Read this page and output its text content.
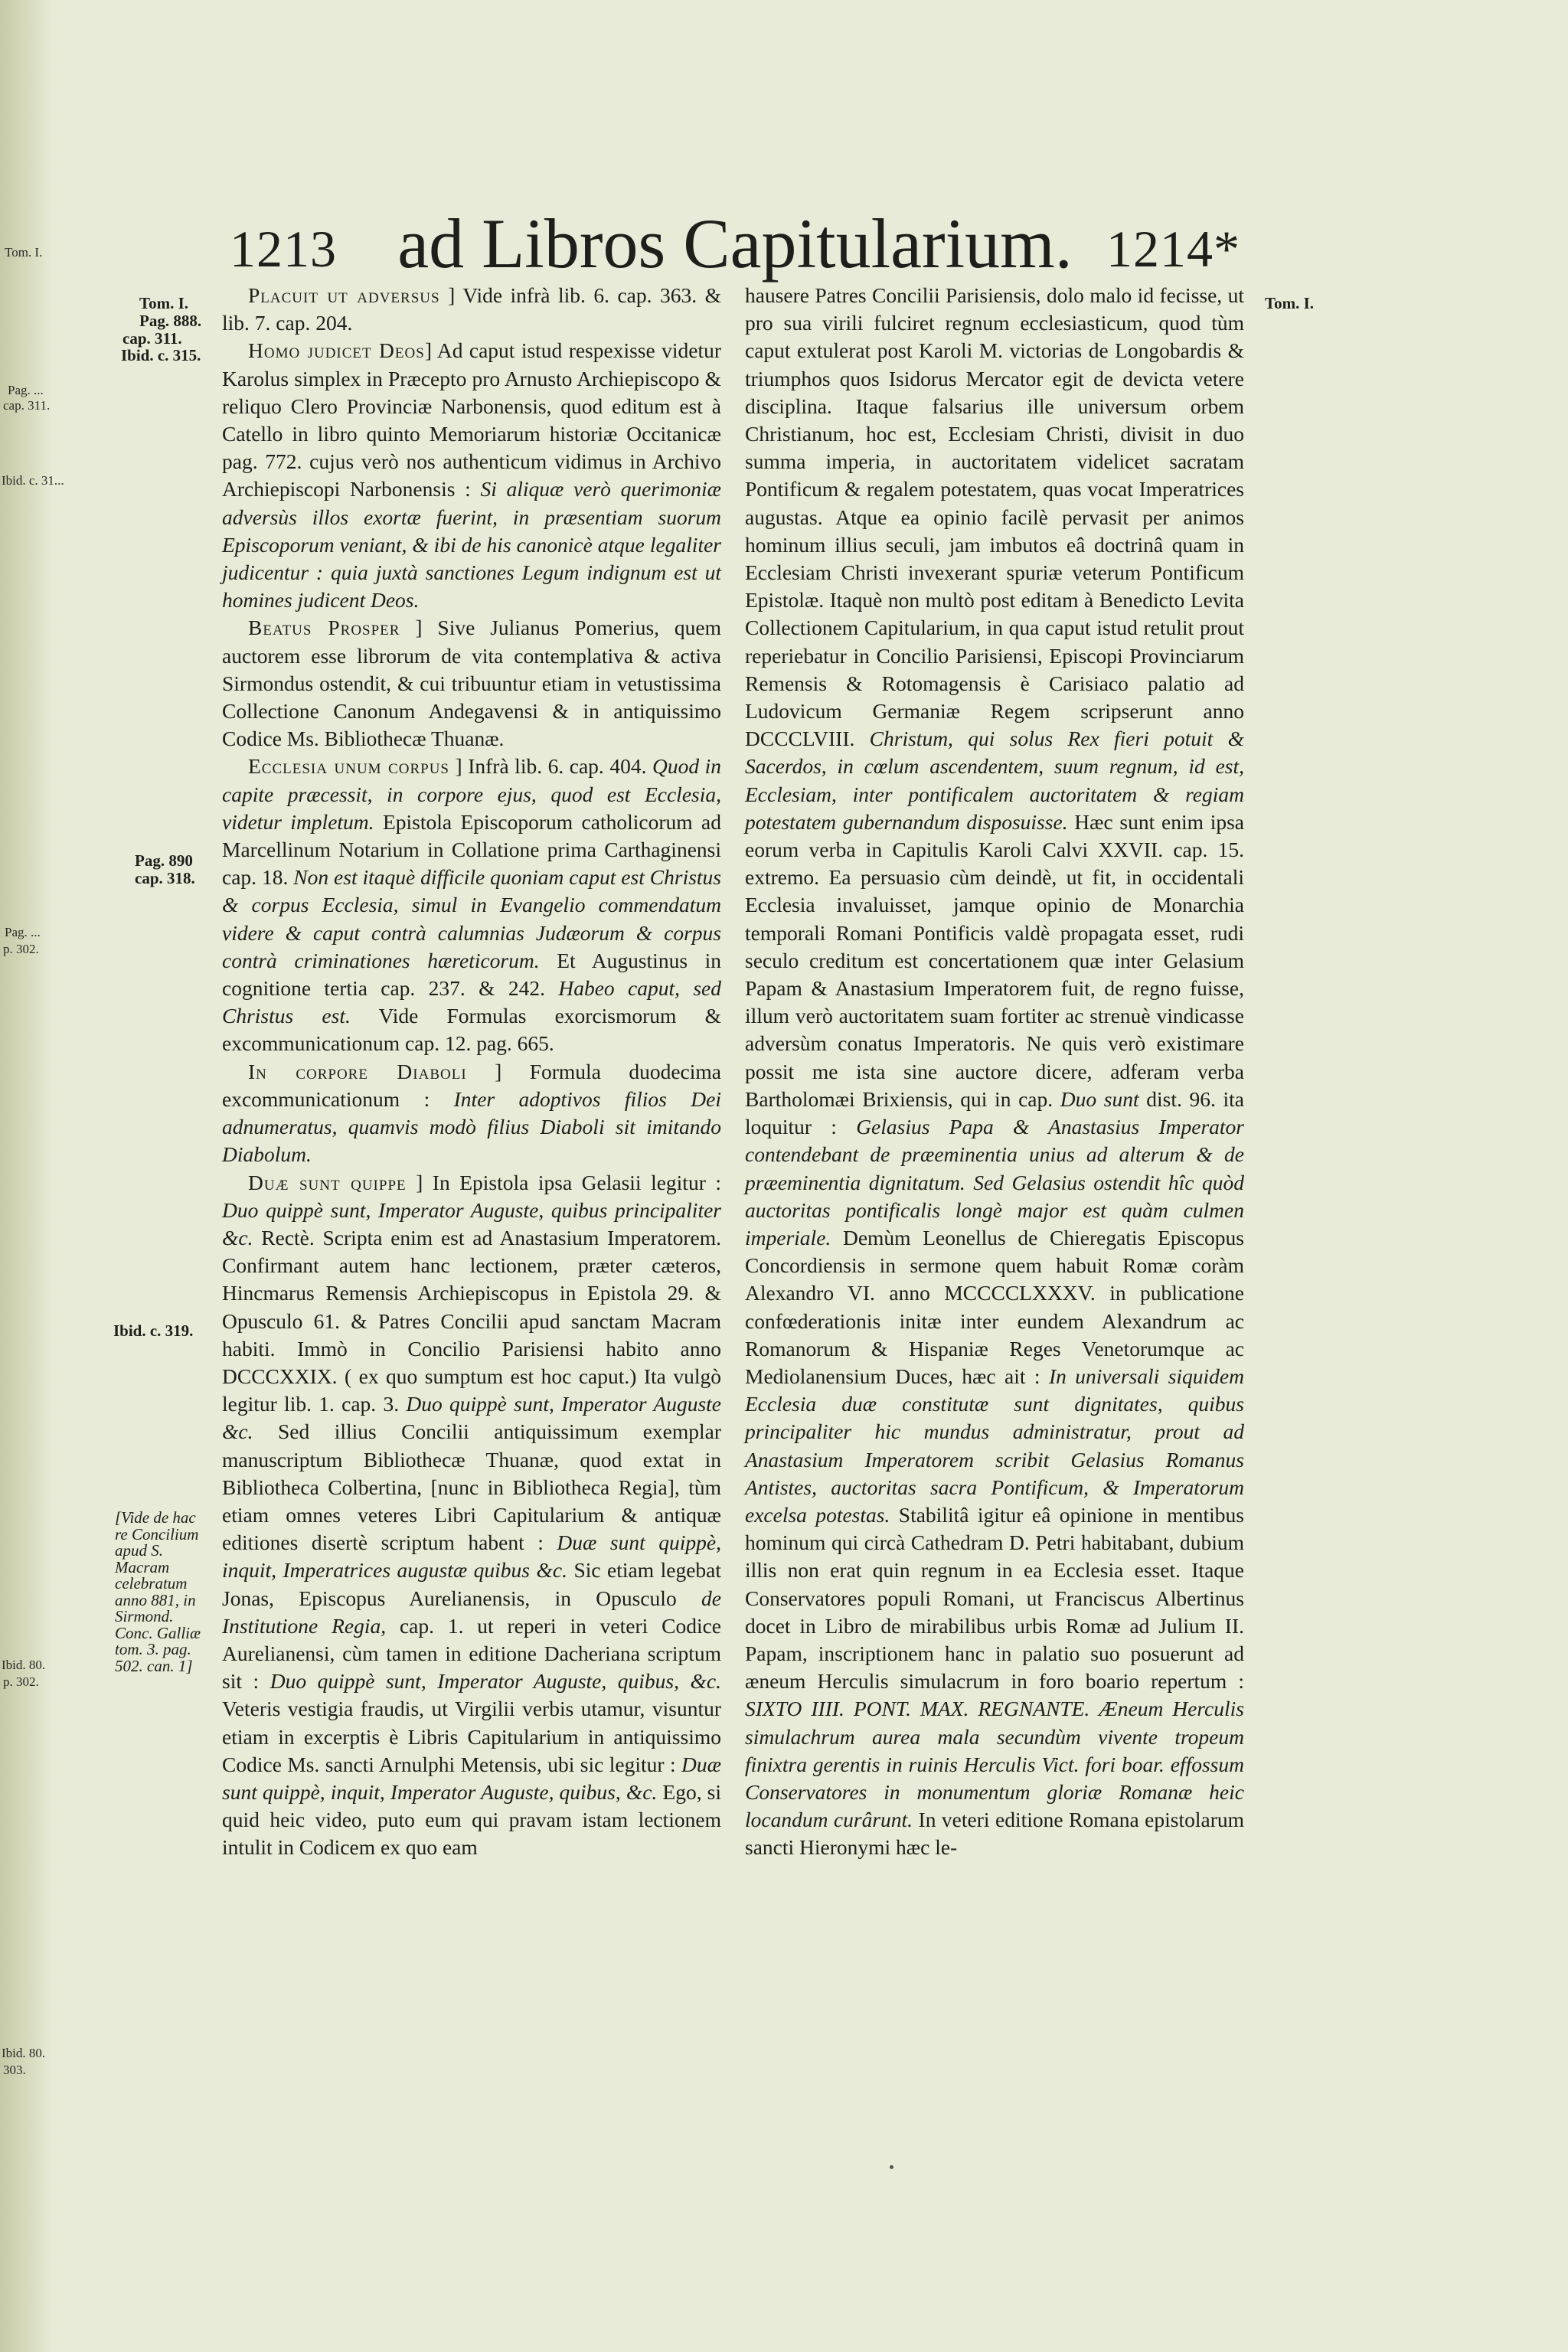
Tom. I.
Pag. ...
cap. 311.
Ibid. c. 31...
Pag. ...
p. 302.
Ibid. 80.
p. 302.
Ibid. 80.
303.
1213 ad Libros Capitularium. 1214*
Tom. I.
Pag. 888.
cap. 311.
Ibid. c. 315.
Pag. 890
cap. 318.
Ibid. c. 319.
[Vide de hac re Concilium apud S. Macram celebratum anno 881, in Sirmond. Conc. Galliæ tom. 3. pag. 502. can. 1]
Tom. I.

Placuit ut adversus ] Vide infrà lib. 6. cap. 363. & lib. 7. cap. 204.

Homo judicet Deos] Ad caput istud respexisse videtur Karolus simplex in Præcepto pro Arnusto Archiepiscopo & reliquo Clero Provinciæ Narbonensis, quod editum est à Catello in libro quinto Memoriarum historiæ Occitanicæ pag. 772. cujus verò nos authenticum vidimus in Archivo Archiepiscopi Narbonensis : Si aliquæ verò querimoniæ adversùs illos exortæ fuerint, in præsentiam suorum Episcoporum veniant, & ibi de his canonicè atque legaliter judicentur : quia juxtà sanctiones Legum indignum est ut homines judicent Deos.

Beatus Prosper ] Sive Julianus Pomerius, quem auctorem esse librorum de vita contemplativa & activa Sirmondus ostendit, & cui tribuuntur etiam in vetustissima Collectione Canonum Andegavensi & in antiquissimo Codice Ms. Bibliothecæ Thuanæ.

Ecclesia unum corpus ] Infrà lib. 6. cap. 404. Quod in capite præcessit, in corpore ejus, quod est Ecclesia, videtur impletum. Epistola Episcoporum catholicorum ad Marcellinum Notarium in Collatione prima Carthaginensi cap. 18. Non est itaquè difficile quoniam caput est Christus & corpus Ecclesia, simul in Evangelio commendatum videre & caput contrà calumnias Judæorum & corpus contrà criminationes hæreticorum. Et Augustinus in cognitione tertia cap. 237. & 242. Habeo caput, sed Christus est. Vide Formulas exorcismorum & excommunicationum cap. 12. pag. 665.

In corpore Diaboli ] Formula duodecima excommunicationum : Inter adoptivos filios Dei adnumeratus, quamvis modò filius Diaboli sit imitando Diabolum.

Duæ sunt quippe ] In Epistola ipsa Gelasii legitur : Duo quippè sunt, Imperator Auguste, quibus principaliter &c. Rectè. Scripta enim est ad Anastasium Imperatorem. Confirmant autem hanc lectionem, præter cæteros, Hincmarus Remensis Archiepiscopus in Epistola 29. & Opusculo 61. & Patres Concilii apud sanctam Macram habiti. Immò in Concilio Parisiensi habito anno DCCCXXIX. ( ex quo sumptum est hoc caput.) Ita vulgò legitur lib. 1. cap. 3. Duo quippè sunt, Imperator Auguste &c. Sed illius Concilii antiquissimum exemplar manuscriptum Bibliothecæ Thuanæ, quod extat in Bibliotheca Colbertina, [nunc in Bibliotheca Regia], tùm etiam omnes veteres Libri Capitularium & antiquæ editiones disertè scriptum habent : Duæ sunt quippè, inquit, Imperatrices augustæ quibus &c. Sic etiam legebat Jonas, Episcopus Aurelianensis, in Opusculo de Institutione Regia, cap. 1. ut reperi in veteri Codice Aurelianensi, cùm tamen in editione Dacheriana scriptum sit : Duo quippè sunt, Imperator Auguste, quibus, &c. Veteris vestigia fraudis, ut Virgilii verbis utamur, visuntur etiam in excerptis è Libris Capitularium in antiquissimo Codice Ms. sancti Arnulphi Metensis, ubi sic legitur : Duæ sunt quippè, inquit, Imperator Auguste, quibus, &c. Ego, si quid heic video, puto eum qui pravam istam lectionem intulit in Codicem ex quo eam

hausere Patres Concilii Parisiensis, dolo malo id fecisse, ut pro sua virili fulciret regnum ecclesiasticum, quod tùm caput extulerat post Karoli M. victorias de Longobardis & triumphos quos Isidorus Mercator egit de devicta vetere disciplina. Itaque falsarius ille universum orbem Christianum, hoc est, Ecclesiam Christi, divisit in duo summa imperia, in auctoritatem videlicet sacratam Pontificum & regalem potestatem, quas vocat Imperatrices augustas. Atque ea opinio facilè pervasit per animos hominum illius seculi, jam imbutos eâ doctrinâ quam in Ecclesiam Christi invexerant spuriæ veterum Pontificum Epistolæ. Itaquè non multò post editam à Benedicto Levita Collectionem Capitularium, in qua caput istud retulit prout reperiebatur in Concilio Parisiensi, Episcopi Provinciarum Remensis & Rotomagensis è Carisiaco palatio ad Ludovicum Germaniæ Regem scripserunt anno DCCCLVIII. Christum, qui solus Rex fieri potuit & Sacerdos, in cœlum ascendentem, suum regnum, id est, Ecclesiam, inter pontificalem auctoritatem & regiam potestatem gubernandum disposuisse. Hæc sunt enim ipsa eorum verba in Capitulis Karoli Calvi XXVII. cap. 15. extremo. Ea persuasio cùm deindè, ut fit, in occidentali Ecclesia invaluisset, jamque opinio de Monarchia temporali Romani Pontificis valdè propagata esset, rudi seculo creditum est concertationem quæ inter Gelasium Papam & Anastasium Imperatorem fuit, de regno fuisse, illum verò auctoritatem suam fortiter ac strenuè vindicasse adversùm conatus Imperatoris. Ne quis verò existimare possit me ista sine auctore dicere, adferam verba Bartholomæi Brixiensis, qui in cap. Duo sunt dist. 96. ita loquitur : Gelasius Papa & Anastasius Imperator contendebant de præeminentia unius ad alterum & de præeminentia dignitatum. Sed Gelasius ostendit hîc quòd auctoritas pontificalis longè major est quàm culmen imperiale. Demùm Leonellus de Chieregatis Episcopus Concordiensis in sermone quem habuit Romæ coràm Alexandro VI. anno MCCCCLXXXV. in publicatione confœderationis initæ inter eundem Alexandrum ac Romanorum & Hispaniæ Reges Venetorumque ac Mediolanensium Duces, hæc ait : In universali siquidem Ecclesia duæ constitutæ sunt dignitates, quibus principaliter hic mundus administratur, prout ad Anastasium Imperatorem scribit Gelasius Romanus Antistes, auctoritas sacra Pontificum, & Imperatorum excelsa potestas. Stabilitâ igitur eâ opinione in mentibus hominum qui circà Cathedram D. Petri habitabant, dubium illis non erat quin regnum in ea Ecclesia esset. Itaque Conservatores populi Romani, ut Franciscus Albertinus docet in Libro de mirabilibus urbis Romæ ad Julium II. Papam, inscriptionem hanc in palatio suo posuerunt ad æneum Herculis simulacrum in foro boario repertum : SIXTO IIII. PONT. MAX. REGNANTE. Æneum Herculis simulachrum aurea mala secundùm vivente tropeum finixtra gerentis in ruinis Herculis Vict. fori boar. effossum Conservatores in monumentum gloriæ Romanæ heic locandum curârunt. In veteri editione Romana epistolarum sancti Hieronymi hæc le-
